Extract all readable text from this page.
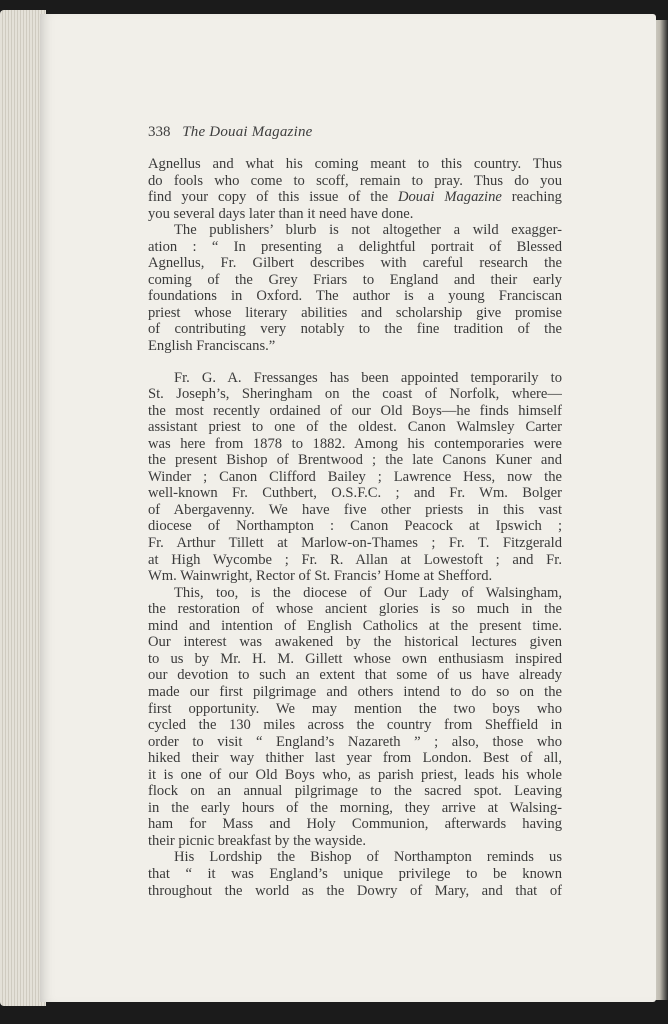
338 The Douai Magazine
Agnellus and what his coming meant to this country. Thus
do fools who come to scoff, remain to pray. Thus do you
find your copy of this issue of the Douai Magazine reaching
you several days later than it need have done.
The publishers’ blurb is not altogether a wild exagger-
ation : “ In presenting a delightful portrait of Blessed
Agnellus, Fr. Gilbert describes with careful research the
coming of the Grey Friars to England and their early
foundations in Oxford. The author is a young Franciscan
priest whose literary abilities and scholarship give promise
of contributing very notably to the fine tradition of the
English Franciscans.”
Fr. G. A. Fressanges has been appointed temporarily to
St. Joseph’s, Sheringham on the coast of Norfolk, where—
the most recently ordained of our Old Boys—he finds himself
assistant priest to one of the oldest. Canon Walmsley Carter
was here from 1878 to 1882. Among his contemporaries were
the present Bishop of Brentwood ; the late Canons Kuner and
Winder ; Canon Clifford Bailey ; Lawrence Hess, now the
well-known Fr. Cuthbert, O.S.F.C. ; and Fr. Wm. Bolger
of Abergavenny. We have five other priests in this vast
diocese of Northampton : Canon Peacock at Ipswich ;
Fr. Arthur Tillett at Marlow-on-Thames ; Fr. T. Fitzgerald
at High Wycombe ; Fr. R. Allan at Lowestoft ; and Fr.
Wm. Wainwright, Rector of St. Francis’ Home at Shefford.
This, too, is the diocese of Our Lady of Walsingham,
the restoration of whose ancient glories is so much in the
mind and intention of English Catholics at the present time.
Our interest was awakened by the historical lectures given
to us by Mr. H. M. Gillett whose own enthusiasm inspired
our devotion to such an extent that some of us have already
made our first pilgrimage and others intend to do so on the
first opportunity. We may mention the two boys who
cycled the 130 miles across the country from Sheffield in
order to visit “ England’s Nazareth ” ; also, those who
hiked their way thither last year from London. Best of all,
it is one of our Old Boys who, as parish priest, leads his whole
flock on an annual pilgrimage to the sacred spot. Leaving
in the early hours of the morning, they arrive at Walsing-
ham for Mass and Holy Communion, afterwards having
their picnic breakfast by the wayside.
His Lordship the Bishop of Northampton reminds us
that “ it was England’s unique privilege to be known
throughout the world as the Dowry of Mary, and that of
